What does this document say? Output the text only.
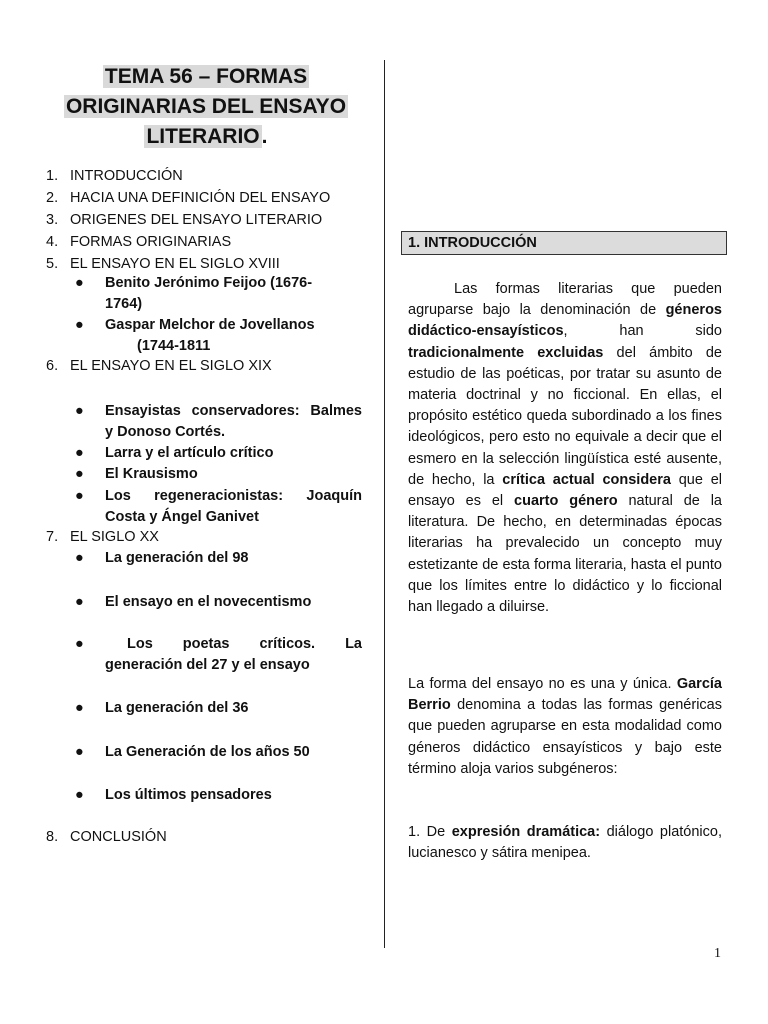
TEMA 56 – FORMAS
ORIGINARIAS DEL ENSAYO
LITERARIO.
1. INTRODUCCIÓN
2. HACIA UNA DEFINICIÓN DEL ENSAYO
3. ORIGENES DEL ENSAYO LITERARIO
4. FORMAS ORIGINARIAS
5. EL ENSAYO EN EL SIGLO XVIII
6. EL ENSAYO EN EL SIGLO XIX
7. EL SIGLO XX
8. CONCLUSIÓN
● Benito Jerónimo Feijoo (1676-
1764)
● Gaspar Melchor de Jovellanos
(1744-1811
● Ensayistas conservadores: Balmes
y Donoso Cortés.
● Larra y el artículo crítico
● El Krausismo
● Los regeneracionistas: Joaquín
Costa y Ángel Ganivet
● La generación del 98
● El ensayo en el novecentismo
●	Los poetas críticos. La
generación del 27 y el ensayo
● La generación del 36
● La Generación de los años 50
● Los últimos pensadores
1. INTRODUCCIÓN
Las formas literarias que pueden agruparse bajo la denominación de géneros didáctico-ensayísticos, han sido tradicionalmente excluidas del ámbito de estudio de las poéticas, por tratar su asunto de materia doctrinal y no ficcional. En ellas, el propósito estético queda subordinado a los fines ideológicos, pero esto no equivale a decir que el esmero en la selección lingüística esté ausente, de hecho, la crítica actual considera que el ensayo es el cuarto género natural de la literatura. De hecho, en determinadas épocas literarias ha prevalecido un concepto muy estetizante de esta forma literaria, hasta el punto que los límites entre lo didáctico y lo ficcional han llegado a diluirse.
La forma del ensayo no es una y única. García Berrio denomina a todas las formas genéricas que pueden agruparse en esta modalidad como géneros didáctico ensayísticos y bajo este término aloja varios subgéneros:
1. De expresión dramática: diálogo platónico, lucianesco y sátira menipea.
1
